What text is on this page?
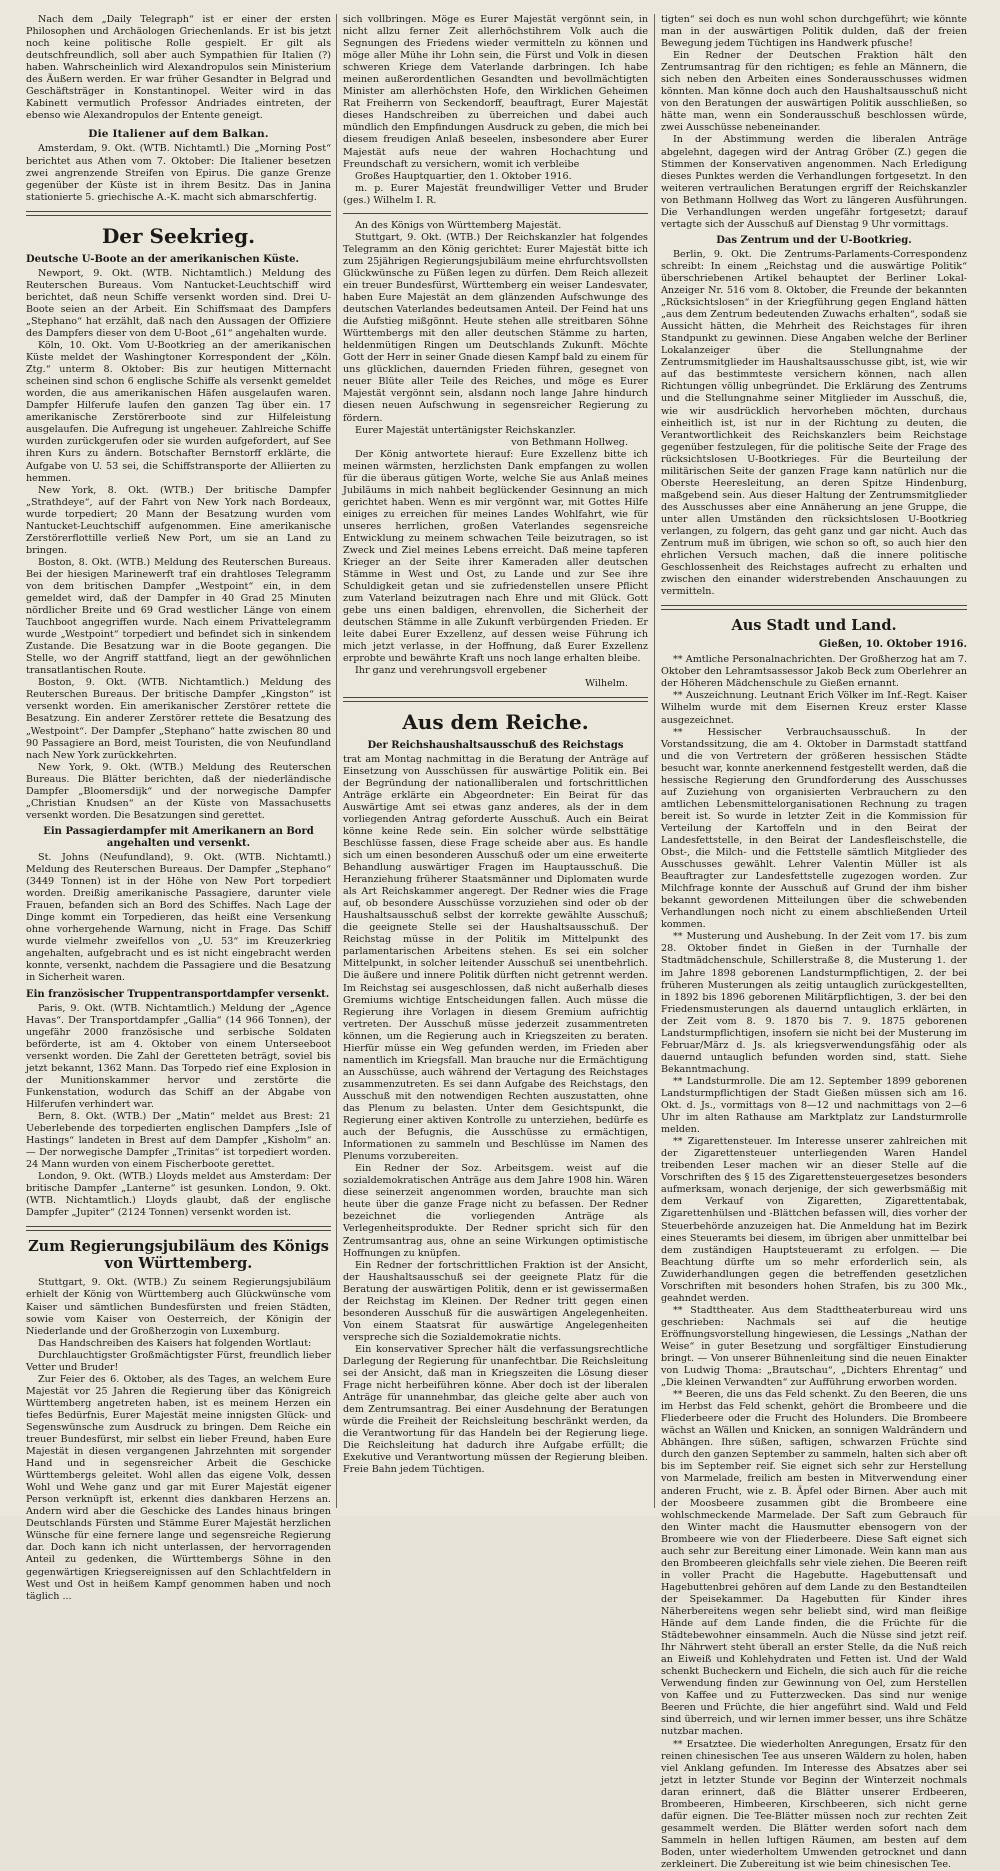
Nach dem „Daily Telegraph“ ist er einer der ersten Philosophen und Archäologen Griechenlands. Er ist bis jetzt noch keine politische Rolle gespielt. Er gilt als deutschfreundlich, soll aber auch Sympathien für Italien (?) haben. Wahrscheinlich wird Alexandropulos sein Ministerium des Äußern werden. Er war früher Gesandter in Belgrad und Geschäftsträger in Konstantinopel. Weiter wird in das Kabinett vermutlich Professor Andriades eintreten, der ebenso wie Alexandropulos der Entente geneigt.

Die Italiener auf dem Balkan.

Amsterdam, 9. Okt. (WTB. Nichtamtl.) Die „Morning Post“ berichtet aus Athen vom 7. Oktober: Die Italiener besetzen zwei angrenzende Streifen von Epirus. Die ganze Grenze gegenüber der Küste ist in ihrem Besitz. Das in Janina stationierte 5. griechische A.-K. macht sich abmarschfertig.

Der Seekrieg.
Deutsche U-Boote an der amerikanischen Küste.

Newport, 9. Okt. (WTB. Nichtamtlich.) Meldung des Reuterschen Bureaus. Vom Nantucket-Leuchtschiff wird berichtet, daß neun Schiffe versenkt worden sind. Drei U-Boote seien an der Arbeit. Ein Schiffsmaat des Dampfers „Stephano“ hat erzählt, daß nach den Aussagen der Offiziere des Dampfers dieser von dem U-Boot „61“ angehalten wurde.

Köln, 10. Okt. Vom U-Bootkrieg an der amerikanischen Küste meldet der Washingtoner Korrespondent der „Köln. Ztg.“ unterm 8. Oktober: Bis zur heutigen Mitternacht scheinen sind schon 6 englische Schiffe als versenkt gemeldet worden, die aus amerikanischen Häfen ausgelaufen waren. Dampfer Hilferufe laufen den ganzen Tag über ein. 17 amerikanische Zerstörerboote sind zur Hilfeleistung ausgelaufen. Die Aufregung ist ungeheuer. Zahlreiche Schiffe wurden zurückgerufen oder sie wurden aufgefordert, auf See ihren Kurs zu ändern. Botschafter Bernstorff erklärte, die Aufgabe von U. 53 sei, die Schiffstransporte der Alliierten zu hemmen.

New York, 8. Okt. (WTB.) Der britische Dampfer „Strathdeye“, auf der Fahrt von New York nach Bordeaux, wurde torpediert; 20 Mann der Besatzung wurden vom Nantucket-Leuchtschiff aufgenommen. Eine amerikanische Zerstörerflottille verließ New Port, um sie an Land zu bringen.

Boston, 8. Okt. (WTB.) Meldung des Reuterschen Bureaus. Bei der hiesigen Marinewerft traf ein drahtloses Telegramm von dem britischen Dampfer „Westpoint“ ein, in dem gemeldet wird, daß der Dampfer in 40 Grad 25 Minuten nördlicher Breite und 69 Grad westlicher Länge von einem Tauchboot angegriffen wurde. Nach einem Privattelegramm wurde „Westpoint“ torpediert und befindet sich in sinkendem Zustande. Die Besatzung war in die Boote gegangen. Die Stelle, wo der Angriff stattfand, liegt an der gewöhnlichen transatlantischen Route.

Boston, 9. Okt. (WTB. Nichtamtlich.) Meldung des Reuterschen Bureaus. Der britische Dampfer „Kingston“ ist versenkt worden. Ein amerikanischer Zerstörer rettete die Besatzung. Ein anderer Zerstörer rettete die Besatzung des „Westpoint“. Der Dampfer „Stephano“ hatte zwischen 80 und 90 Passagiere an Bord, meist Touristen, die von Neufundland nach New York zurückkehrten.

New York, 9. Okt. (WTB.) Meldung des Reuterschen Bureaus. Die Blätter berichten, daß der niederländische Dampfer „Bloomersdijk“ und der norwegische Dampfer „Christian Knudsen“ an der Küste von Massachusetts versenkt worden. Die Besatzungen sind gerettet.

Ein Passagierdampfer mit Amerikanern an Bord angehalten und versenkt.

St. Johns (Neufundland), 9. Okt. (WTB. Nichtamtl.) Meldung des Reuterschen Bureaus. Der Dampfer „Stephano“ (3449 Tonnen) ist in der Höhe von New Port torpediert worden. Dreißig amerikanische Passagiere, darunter viele Frauen, befanden sich an Bord des Schiffes. Nach Lage der Dinge kommt ein Torpedieren, das heißt eine Versenkung ohne vorhergehende Warnung, nicht in Frage. Das Schiff wurde vielmehr zweifellos von „U. 53“ im Kreuzerkrieg angehalten, aufgebracht und es ist nicht eingebracht werden konnte, versenkt, nachdem die Passagiere und die Besatzung in Sicherheit waren.

Ein französischer Truppentransportdampfer versenkt.

Paris, 9. Okt. (WTB. Nichtamtlich.) Meldung der „Agence Havas“. Der Transportdampfer „Gallia“ (14 966 Tonnen), der ungefähr 2000 französische und serbische Soldaten beförderte, ist am 4. Oktober von einem Unterseeboot versenkt worden. Die Zahl der Geretteten beträgt, soviel bis jetzt bekannt, 1362 Mann. Das Torpedo rief eine Explosion in der Munitionskammer hervor und zerstörte die Funkenstation, wodurch das Schiff an der Abgabe von Hilferufen verhindert war.

Bern, 8. Okt. (WTB.) Der „Matin“ meldet aus Brest: 21 Ueberlebende des torpedierten englischen Dampfers „Isle of Hastings“ landeten in Brest auf dem Dampfer „Kisholm“ an. — Der norwegische Dampfer „Trinitas“ ist torpediert worden. 24 Mann wurden von einem Fischerboote gerettet.

London, 9. Okt. (WTB.) Lloyds meldet aus Amsterdam: Der britische Dampfer „Lanterne“ ist gesunken. London, 9. Okt. (WTB. Nichtamtlich.) Lloyds glaubt, daß der englische Dampfer „Jupiter“ (2124 Tonnen) versenkt worden ist.

Zum Regierungsjubiläum des Königs von Württemberg.

Stuttgart, 9. Okt. (WTB.) Zu seinem Regierungsjubiläum erhielt der König von Württemberg auch Glückwünsche vom Kaiser und sämtlichen Bundesfürsten und freien Städten, sowie vom Kaiser von Oesterreich, der Königin der Niederlande und der Großherzogin von Luxemburg.

Das Handschreiben des Kaisers hat folgenden Wortlaut:

Durchlauchtigster Großmächtigster Fürst, freundlich lieber Vetter und Bruder!

Zur Feier des 6. Oktober, als des Tages, an welchem Eure Majestät vor 25 Jahren die Regierung über das Königreich Württemberg angetreten haben, ist es meinem Herzen ein tiefes Bedürfnis, Eurer Majestät meine innigsten Glück- und Segenswünsche zum Ausdruck zu bringen. Dem Reiche ein treuer Bundesfürst, mir selbst ein lieber Freund, haben Eure Majestät in diesen vergangenen Jahrzehnten mit sorgender Hand und in segensreicher Arbeit die Geschicke Württembergs geleitet. Wohl allen das eigene Volk, dessen Wohl und Wehe ganz und gar mit Eurer Majestät eigener Person verknüpft ist, erkennt dies dankbaren Herzens an. Andern wird aber die Geschicke des Landes hinaus bringen Deutschlands Fürsten und Stämme Eurer Majestät herzlichen Wünsche für eine fernere lange und segensreiche Regierung dar. Doch kann ich nicht unterlassen, der hervorragenden Anteil zu gedenken, die Württembergs Söhne in den gegenwärtigen Kriegsereignissen auf den Schlachtfeldern in West und Ost in heißem Kampf genommen haben und noch täglich ...

sich vollbringen. Möge es Eurer Majestät vergönnt sein, in nicht allzu ferner Zeit allerhöchstihrem Volk auch die Segnungen des Friedens wieder vermitteln zu können und möge aller Mühe ihr Lohn sein, die Fürst und Volk in diesen schweren Kriege dem Vaterlande darbringen. Ich habe meinen außerordentlichen Gesandten und bevollmächtigten Minister am allerhöchsten Hofe, den Wirklichen Geheimen Rat Freiherrn von Seckendorff, beauftragt, Eurer Majestät dieses Handschreiben zu überreichen und dabei auch mündlich den Empfindungen Ausdruck zu geben, die mich bei diesem freudigen Anlaß beseelen, insbesondere aber Eurer Majestät aufs neue der wahren Hochachtung und Freundschaft zu versichern, womit ich verbleibe

Großes Hauptquartier, den 1. Oktober 1916.

m. p. Eurer Majestät freundwilliger Vetter und Bruder (ges.) Wilhelm I. R.

An des Königs von Württemberg Majestät.

Stuttgart, 9. Okt. (WTB.) Der Reichskanzler hat folgendes Telegramm an den König gerichtet: Eurer Majestät bitte ich zum 25jährigen Regierungsjubiläum meine ehrfurchtsvollsten Glückwünsche zu Füßen legen zu dürfen. Dem Reich allezeit ein treuer Bundesfürst, Württemberg ein weiser Landesvater, haben Eure Majestät an dem glänzenden Aufschwunge des deutschen Vaterlandes bedeutsamen Anteil. Der Feind hat uns die Aufstieg mißgönnt. Heute stehen alle streitbaren Söhne Württembergs mit den aller deutschen Stämme zu harten, heldenmütigen Ringen um Deutschlands Zukunft. Möchte Gott der Herr in seiner Gnade diesen Kampf bald zu einem für uns glücklichen, dauernden Frieden führen, gesegnet von neuer Blüte aller Teile des Reiches, und möge es Eurer Majestät vergönnt sein, alsdann noch lange Jahre hindurch diesen neuen Aufschwung in segensreicher Regierung zu fördern.

Eurer Majestät untertänigster Reichskanzler.

von Bethmann Hollweg.

Der König antwortete hierauf: Eure Exzellenz bitte ich meinen wärmsten, herzlichsten Dank empfangen zu wollen für die überaus gütigen Worte, welche Sie aus Anlaß meines Jubiläums in mich nahbeit beglückender Gesinnung an mich gerichtet haben. Wenn es mir vergönnt war, mit Gottes Hilfe einiges zu erreichen für meines Landes Wohlfahrt, wie für unseres herrlichen, großen Vaterlandes segensreiche Entwicklung zu meinem schwachen Teile beizutragen, so ist Zweck und Ziel meines Lebens erreicht. Daß meine tapferen Krieger an der Seite ihrer Kameraden aller deutschen Stämme in West und Ost, zu Lande und zur See ihre Schuldigkeit getan und sie zufriedenstellen unsere Pflicht zum Vaterland beizutragen nach Ehre und mit Glück. Gott gebe uns einen baldigen, ehrenvollen, die Sicherheit der deutschen Stämme in alle Zukunft verbürgenden Frieden. Er leite dabei Eurer Exzellenz, auf dessen weise Führung ich mich jetzt verlasse, in der Hoffnung, daß Eurer Exzellenz erprobte und bewährte Kraft uns noch lange erhalten bleibe.

Ihr ganz und verehrungsvoll ergebener

Wilhelm.

Aus dem Reiche.
Der Reichshaushaltsausschuß des Reichstags

trat am Montag nachmittag in die Beratung der Anträge auf Einsetzung von Ausschüssen für auswärtige Politik ein. Bei der Begründung der nationalliberalen und fortschrittlichen Anträge erklärte ein Abgeordneter: Ein Beirat für das Auswärtige Amt sei etwas ganz anderes, als der in dem vorliegenden Antrag geforderte Ausschuß. Auch ein Beirat könne keine Rede sein. Ein solcher würde selbsttätige Beschlüsse fassen, diese Frage scheide aber aus. Es handle sich um einen besonderen Ausschuß oder um eine erweiterte Behandlung auswärtiger Fragen im Hauptausschuß. Die Heranziehung früherer Staatsmänner und Diplomaten wurde als Art Reichskammer angeregt. Der Redner wies die Frage auf, ob besondere Ausschüsse vorzuziehen sind oder ob der Haushaltsausschuß selbst der korrekte gewählte Ausschuß; die geeignete Stelle sei der Haushaltsausschuß. Der Reichstag müsse in der Politik im Mittelpunkt des parlamentarischen Arbeitens stehen. Es sei ein solcher Mittelpunkt, in solcher leitender Ausschuß sei unentbehrlich. Die äußere und innere Politik dürften nicht getrennt werden. Im Reichstag sei ausgeschlossen, daß nicht außerhalb dieses Gremiums wichtige Entscheidungen fallen. Auch müsse die Regierung ihre Vorlagen in diesem Gremium aufrichtig vertreten. Der Ausschuß müsse jederzeit zusammentreten können, um die Regierung auch in Kriegszeiten zu beraten. Hierfür müsse ein Weg gefunden werden, im Frieden aber namentlich im Kriegsfall. Man brauche nur die Ermächtigung an Ausschüsse, auch während der Vertagung des Reichstages zusammenzutreten. Es sei dann Aufgabe des Reichstags, den Ausschuß mit den notwendigen Rechten auszustatten, ohne das Plenum zu belasten. Unter dem Gesichtspunkt, die Regierung einer aktiven Kontrolle zu unterziehen, bedürfe es auch der Befugnis, die Ausschüsse zu ermächtigen, Informationen zu sammeln und Beschlüsse im Namen des Plenums vorzubereiten.

Ein Redner der Soz. Arbeitsgem. weist auf die sozialdemokratischen Anträge aus dem Jahre 1908 hin. Wären diese seinerzeit angenommen worden, brauchte man sich heute über die ganze Frage nicht zu befassen. Der Redner bezeichnet die vorliegenden Anträge als Verlegenheitsprodukte. Der Redner spricht sich für den Zentrumsantrag aus, ohne an seine Wirkungen optimistische Hoffnungen zu knüpfen.

Ein Redner der fortschrittlichen Fraktion ist der Ansicht, der Haushaltsausschuß sei der geeignete Platz für die Beratung der auswärtigen Politik, denn er ist gewissermaßen der Reichstag im Kleinen. Der Redner tritt gegen einen besonderen Ausschuß für die auswärtigen Angelegenheiten. Von einem Staatsrat für auswärtige Angelegenheiten verspreche sich die Sozialdemokratie nichts.

Ein konservativer Sprecher hält die verfassungsrechtliche Darlegung der Regierung für unanfechtbar. Die Reichsleitung sei der Ansicht, daß man in Kriegszeiten die Lösung dieser Frage nicht herbeiführen könne. Aber doch ist der liberalen Anträge für unannehmbar, das gleiche gelte aber auch von dem Zentrumsantrag. Bei einer Ausdehnung der Beratungen würde die Freiheit der Reichsleitung beschränkt werden, da die Verantwortung für das Handeln bei der Regierung liege. Die Reichsleitung hat dadurch ihre Aufgabe erfüllt; die Exekutive und Verantwortung müssen der Regierung bleiben. Freie Bahn jedem Tüchtigen.

tigten“ sei doch es nun wohl schon durchgeführt; wie könnte man in der auswärtigen Politik dulden, daß der freien Bewegung jedem Tüchtigen ins Handwerk pfusche!

Ein Redner der Deutschen Fraktion hält den Zentrumsantrag für den richtigen; es fehle an Männern, die sich neben den Arbeiten eines Sonderausschusses widmen könnten. Man könne doch auch den Haushaltsausschuß nicht von den Beratungen der auswärtigen Politik ausschließen, so hätte man, wenn ein Sonderausschuß beschlossen würde, zwei Ausschüsse nebeneinander.

In der Abstimmung werden die liberalen Anträge abgelehnt, dagegen wird der Antrag Gröber (Z.) gegen die Stimmen der Konservativen angenommen. Nach Erledigung dieses Punktes werden die Verhandlungen fortgesetzt. In den weiteren vertraulichen Beratungen ergriff der Reichskanzler von Bethmann Hollweg das Wort zu längeren Ausführungen. Die Verhandlungen werden ungefähr fortgesetzt; darauf vertagte sich der Ausschuß auf Dienstag 9 Uhr vormittags.

Das Zentrum und der U-Bootkrieg.

Berlin, 9. Okt. Die Zentrums-Parlaments-Correspondenz schreibt: In einem „Reichstag und die auswärtige Politik“ überschriebenen Artikel behauptet der Berliner Lokal-Anzeiger Nr. 516 vom 8. Oktober, die Freunde der bekannten „Rücksichtslosen“ in der Kriegführung gegen England hätten „aus dem Zentrum bedeutenden Zuwachs erhalten“, sodaß sie Aussicht hätten, die Mehrheit des Reichstages für ihren Standpunkt zu gewinnen. Diese Angaben welche der Berliner Lokalanzeiger über die Stellungnahme der Zentrumsmitglieder im Haushaltsausschusse gibt, ist, wie wir auf das bestimmteste versichern können, nach allen Richtungen völlig unbegründet. Die Erklärung des Zentrums und die Stellungnahme seiner Mitglieder im Ausschuß, die, wie wir ausdrücklich hervorheben möchten, durchaus einheitlich ist, ist nur in der Richtung zu deuten, die Verantwortlichkeit des Reichskanzlers beim Reichstage gegenüber festzulegen, für die politische Seite der Frage des rücksichtslosen U-Bootkrieges. Für die Beurteilung der militärischen Seite der ganzen Frage kann natürlich nur die Oberste Heeresleitung, an deren Spitze Hindenburg, maßgebend sein. Aus dieser Haltung der Zentrumsmitglieder des Ausschusses aber eine Annäherung an jene Gruppe, die unter allen Umständen den rücksichtslosen U-Bootkrieg verlangen, zu folgern, das geht ganz und gar nicht. Auch das Zentrum muß im übrigen, wie schon so oft, so auch hier den ehrlichen Versuch machen, daß die innere politische Geschlossenheit des Reichstages aufrecht zu erhalten und zwischen den einander widerstrebenden Anschauungen zu vermitteln.

Aus Stadt und Land.
Gießen, 10. Oktober 1916.

** Amtliche Personalnachrichten. Der Großherzog hat am 7. Oktober den Lehramtsassessor Jakob Beck zum Oberlehrer an der Höheren Mädchenschule zu Gießen ernannt.

** Auszeichnung. Leutnant Erich Völker im Inf.-Regt. Kaiser Wilhelm wurde mit dem Eisernen Kreuz erster Klasse ausgezeichnet.

** Hessischer Verbrauchsausschuß. In der Vorstandssitzung, die am 4. Oktober in Darmstadt stattfand und die von Vertretern der größeren hessischen Städte besucht war, konnte anerkennend festgestellt werden, daß die hessische Regierung den Grundforderung des Ausschusses auf Zuziehung von organisierten Verbrauchern zu den amtlichen Lebensmittelorganisationen Rechnung zu tragen bereit ist. So wurde in letzter Zeit in die Kommission für Verteilung der Kartoffeln und in den Beirat der Landesfettstelle, in den Beirat der Landesfleischstelle, die Obst-, die Milch- und die Fettstelle sämtlich Mitglieder des Ausschusses gewählt. Lehrer Valentin Müller ist als Beauftragter zur Landesfettstelle zugezogen worden. Zur Milchfrage konnte der Ausschuß auf Grund der ihm bisher bekannt gewordenen Mitteilungen über die schwebenden Verhandlungen noch nicht zu einem abschließenden Urteil kommen.

** Musterung und Aushebung. In der Zeit vom 17. bis zum 28. Oktober findet in Gießen in der Turnhalle der Stadtmädchenschule, Schillerstraße 8, die Musterung 1. der im Jahre 1898 geborenen Landsturmpflichtigen, 2. der bei früheren Musterungen als zeitig untauglich zurückgestellten, in 1892 bis 1896 geborenen Militärpflichtigen, 3. der bei den Friedensmusterungen als dauernd untauglich erklärten, in der Zeit vom 8. 9. 1870 bis 7. 9. 1875 geborenen Landsturmpflichtigen, insofern sie nicht bei der Musterung im Februar/März d. Js. als kriegsverwendungsfähig oder als dauernd untauglich befunden worden sind, statt. Siehe Bekanntmachung.

** Landsturmrolle. Die am 12. September 1899 geborenen Landsturmpflichtigen der Stadt Gießen müssen sich am 16. Okt. d. Js., vormittags von 8—12 und nachmittags von 2—6 Uhr im alten Rathause am Marktplatz zur Landsturmrolle melden.

** Zigarettensteuer. Im Interesse unserer zahlreichen mit der Zigarettensteuer unterliegenden Waren Handel treibenden Leser machen wir an dieser Stelle auf die Vorschriften des § 15 des Zigarettensteuergesetzes besonders aufmerksam, wonach derjenige, der sich gewerbsmäßig mit dem Verkauf von Zigaretten, Zigarettentabak, Zigarettenhülsen und -Blättchen befassen will, dies vorher der Steuerbehörde anzuzeigen hat. Die Anmeldung hat im Bezirk eines Steueramts bei diesem, im übrigen aber unmittelbar bei dem zuständigen Hauptsteueramt zu erfolgen. — Die Beachtung dürfte um so mehr erforderlich sein, als Zuwiderhandlungen gegen die betreffenden gesetzlichen Vorschriften mit besonders hohen Strafen, bis zu 300 Mk., geahndet werden.

** Stadttheater. Aus dem Stadttheaterbureau wird uns geschrieben: Nachmals sei auf die heutige Eröffnungsvorstellung hingewiesen, die Lessings „Nathan der Weise“ in guter Besetzung und sorgfältiger Einstudierung bringt. — Von unserer Bühnenleitung sind die neuen Einakter von Ludwig Thoma: „Brautschau“, „Dichters Ehrentag“ und „Die kleinen Verwandten“ zur Aufführung erworben worden.

** Beeren, die uns das Feld schenkt. Zu den Beeren, die uns im Herbst das Feld schenkt, gehört die Brombeere und die Fliederbeere oder die Frucht des Holunders. Die Brombeere wächst an Wällen und Knicken, an sonnigen Waldrändern und Abhängen. Ihre süßen, saftigen, schwarzen Früchte sind durch den ganzen September zu sammeln, halten sich aber oft bis im September reif. Sie eignet sich sehr zur Herstellung von Marmelade, freilich am besten in Mitverwendung einer anderen Frucht, wie z. B. Äpfel oder Birnen. Aber auch mit der Moosbeere zusammen gibt die Brombeere eine wohlschmeckende Marmelade. Der Saft zum Gebrauch für den Winter macht die Hausmutter ebensogern von der Brombeere wie von der Fliederbeere. Diese Saft eignet sich auch sehr zur Bereitung einer Limonade. Wein kann man aus den Brombeeren gleichfalls sehr viele ziehen. Die Beeren reift in voller Pracht die Hagebutte. Hagebuttensaft und Hagebuttenbrei gehören auf dem Lande zu den Bestandteilen der Speisekammer. Da Hagebutten für Kinder ihres Näherbereitens wegen sehr beliebt sind, wird man fleißige Hände auf dem Lande finden, die die Früchte für die Städtebewohner einsammeln. Auch die Nüsse sind jetzt reif. Ihr Nährwert steht überall an erster Stelle, da die Nuß reich an Eiweiß und Kohlehydraten und Fetten ist. Und der Wald schenkt Bucheckern und Eicheln, die sich auch für die reiche Verwendung finden zur Gewinnung von Oel, zum Herstellen von Kaffee und zu Futterzwecken. Das sind nur wenige Beeren und Früchte, die hier angeführt sind. Wald und Feld sind überreich, und wir lernen immer besser, uns ihre Schätze nutzbar machen.

** Ersatztee. Die wiederholten Anregungen, Ersatz für den reinen chinesischen Tee aus unseren Wäldern zu holen, haben viel Anklang gefunden. Im Interesse des Absatzes aber sei jetzt in letzter Stunde vor Beginn der Winterzeit nochmals daran erinnert, daß die Blätter unserer Erdbeeren, Brombeeren, Himbeeren, Kirschbeeren, sich nicht gerne dafür eignen. Die Tee-Blätter müssen noch zur rechten Zeit gesammelt werden. Die Blätter werden sofort nach dem Sammeln in hellen luftigen Räumen, am besten auf dem Boden, unter wiederholtem Umwenden getrocknet und dann zerkleinert. Die Zubereitung ist wie beim chinesischen Tee.
